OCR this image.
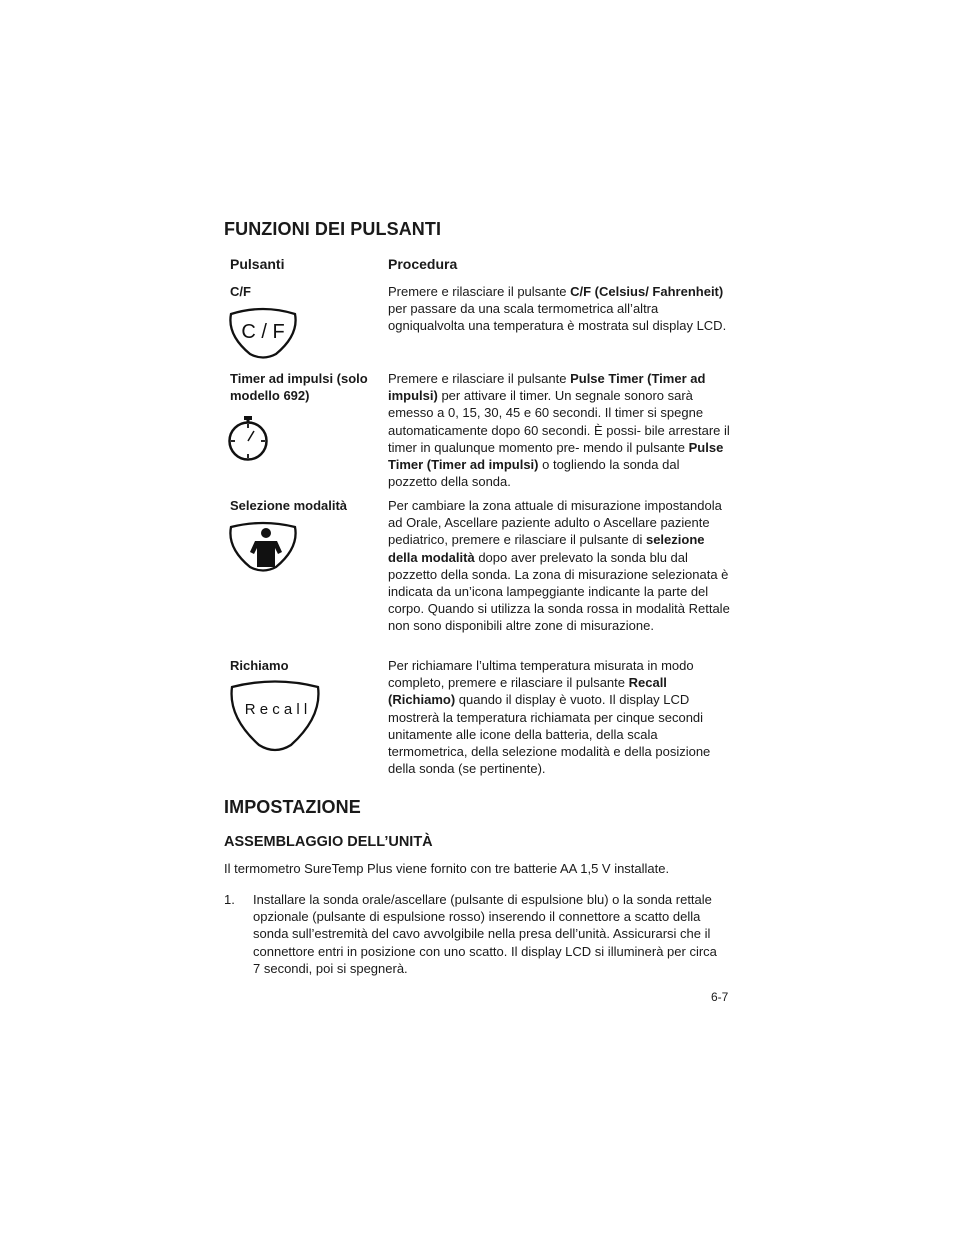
FUNZIONI DEI PULSANTI
Pulsanti	Procedura
C/F
C / F
Premere e rilasciare il pulsante C/F (Celsius/ Fahrenheit) per passare da una scala termometrica all’altra ogniqualvolta una temperatura è mostrata sul display LCD.
Timer ad impulsi (solo modello 692)
Premere e rilasciare il pulsante Pulse Timer (Timer ad impulsi) per attivare il timer. Un segnale sonoro sarà emesso a 0, 15, 30, 45 e 60 secondi. Il timer si spegne automaticamente dopo 60 secondi. È possi- bile arrestare il timer in qualunque momento pre- mendo il pulsante Pulse Timer (Timer ad impulsi) o togliendo la sonda dal pozzetto della sonda.
Selezione modalità	Per cambiare la zona attuale di misurazione impostandola ad Orale, Ascellare paziente adulto o Ascellare paziente pediatrico, premere e rilasciare il pulsante di selezione della modalità dopo aver prelevato la sonda blu dal pozzetto della sonda. La zona di misurazione selezionata è indicata da un’icona lampeggiante indicante la parte del corpo. Quando si utilizza la sonda rossa in modalità Rettale non sono disponibili altre zone di misurazione.
Richiamo
R e c a l l
Per richiamare l’ultima temperatura misurata in modo completo, premere e rilasciare il pulsante Recall (Richiamo) quando il display è vuoto. Il display LCD mostrerà la temperatura richiamata per cinque secondi unitamente alle icone della batteria, della scala termometrica, della selezione modalità e della posizione della sonda (se pertinente).
IMPOSTAZIONE
ASSEMBLAGGIO DELL’UNITÀ
Il termometro SureTemp Plus viene fornito con tre batterie AA 1,5 V installate.
1. Installare la sonda orale/ascellare (pulsante di espulsione blu) o la sonda rettale opzionale (pulsante di espulsione rosso) inserendo il connettore a scatto della sonda sull’estremità del cavo avvolgibile nella presa dell’unità. Assicurarsi che il connettore entri in posizione con uno scatto. Il display LCD si illuminerà per circa 7 secondi, poi si spegnerà.
6-7
